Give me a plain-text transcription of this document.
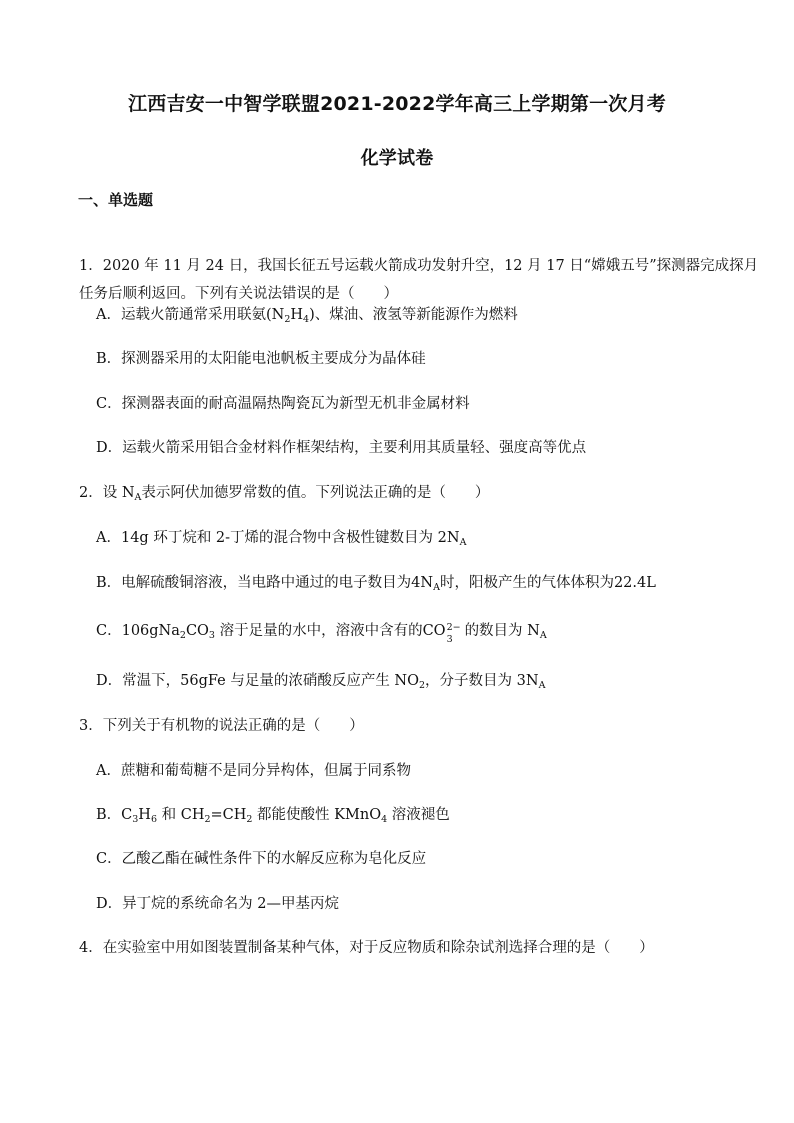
江西吉安一中智学联盟2021-2022学年高三上学期第一次月考
化学试卷
一、单选题
1．2020 年 11 月 24 日，我国长征五号运载火箭成功发射升空，12 月 17 日“嫦娥五号”探测器完成探月
任务后顺利返回。下列有关说法错误的是（　　）
A．运载火箭通常采用联氨$(N_2H_4)$、煤油、液氢等新能源作为燃料
B．探测器采用的太阳能电池帆板主要成分为晶体硅
C．探测器表面的耐高温隔热陶瓷瓦为新型无机非金属材料
D．运载火箭采用铝合金材料作框架结构，主要利用其质量轻、强度高等优点
2．设 $N_A$表示阿伏加德罗常数的值。下列说法正确的是（　　）
A．14g 环丁烷和 2-丁烯的混合物中含极性键数目为 $2N_A$
B．电解硫酸铜溶液，当电路中通过的电子数目为$4N_A$时，阳极产生的气体体积为22.4L
C．$106gNa_2CO_3$ 溶于足量的水中，溶液中含有的CO 2−
3
的数目为 $N_A$
D．常温下，56gFe 与足量的浓硝酸反应产生 $NO_2$，分子数目为 $3N_A$
3．下列关于有机物的说法正确的是（　　）
A．蔗糖和葡萄糖不是同分异构体，但属于同系物
B．$C_3H_6$ 和 $CH_2=CH_2$ 都能使酸性 KMnO$_4$ 溶液褪色
C．乙酸乙酯在碱性条件下的水解反应称为皂化反应
D．异丁烷的系统命名为 2—甲基丙烷
4．在实验室中用如图装置制备某种气体，对于反应物质和除杂试剂选择合理的是（　　）
